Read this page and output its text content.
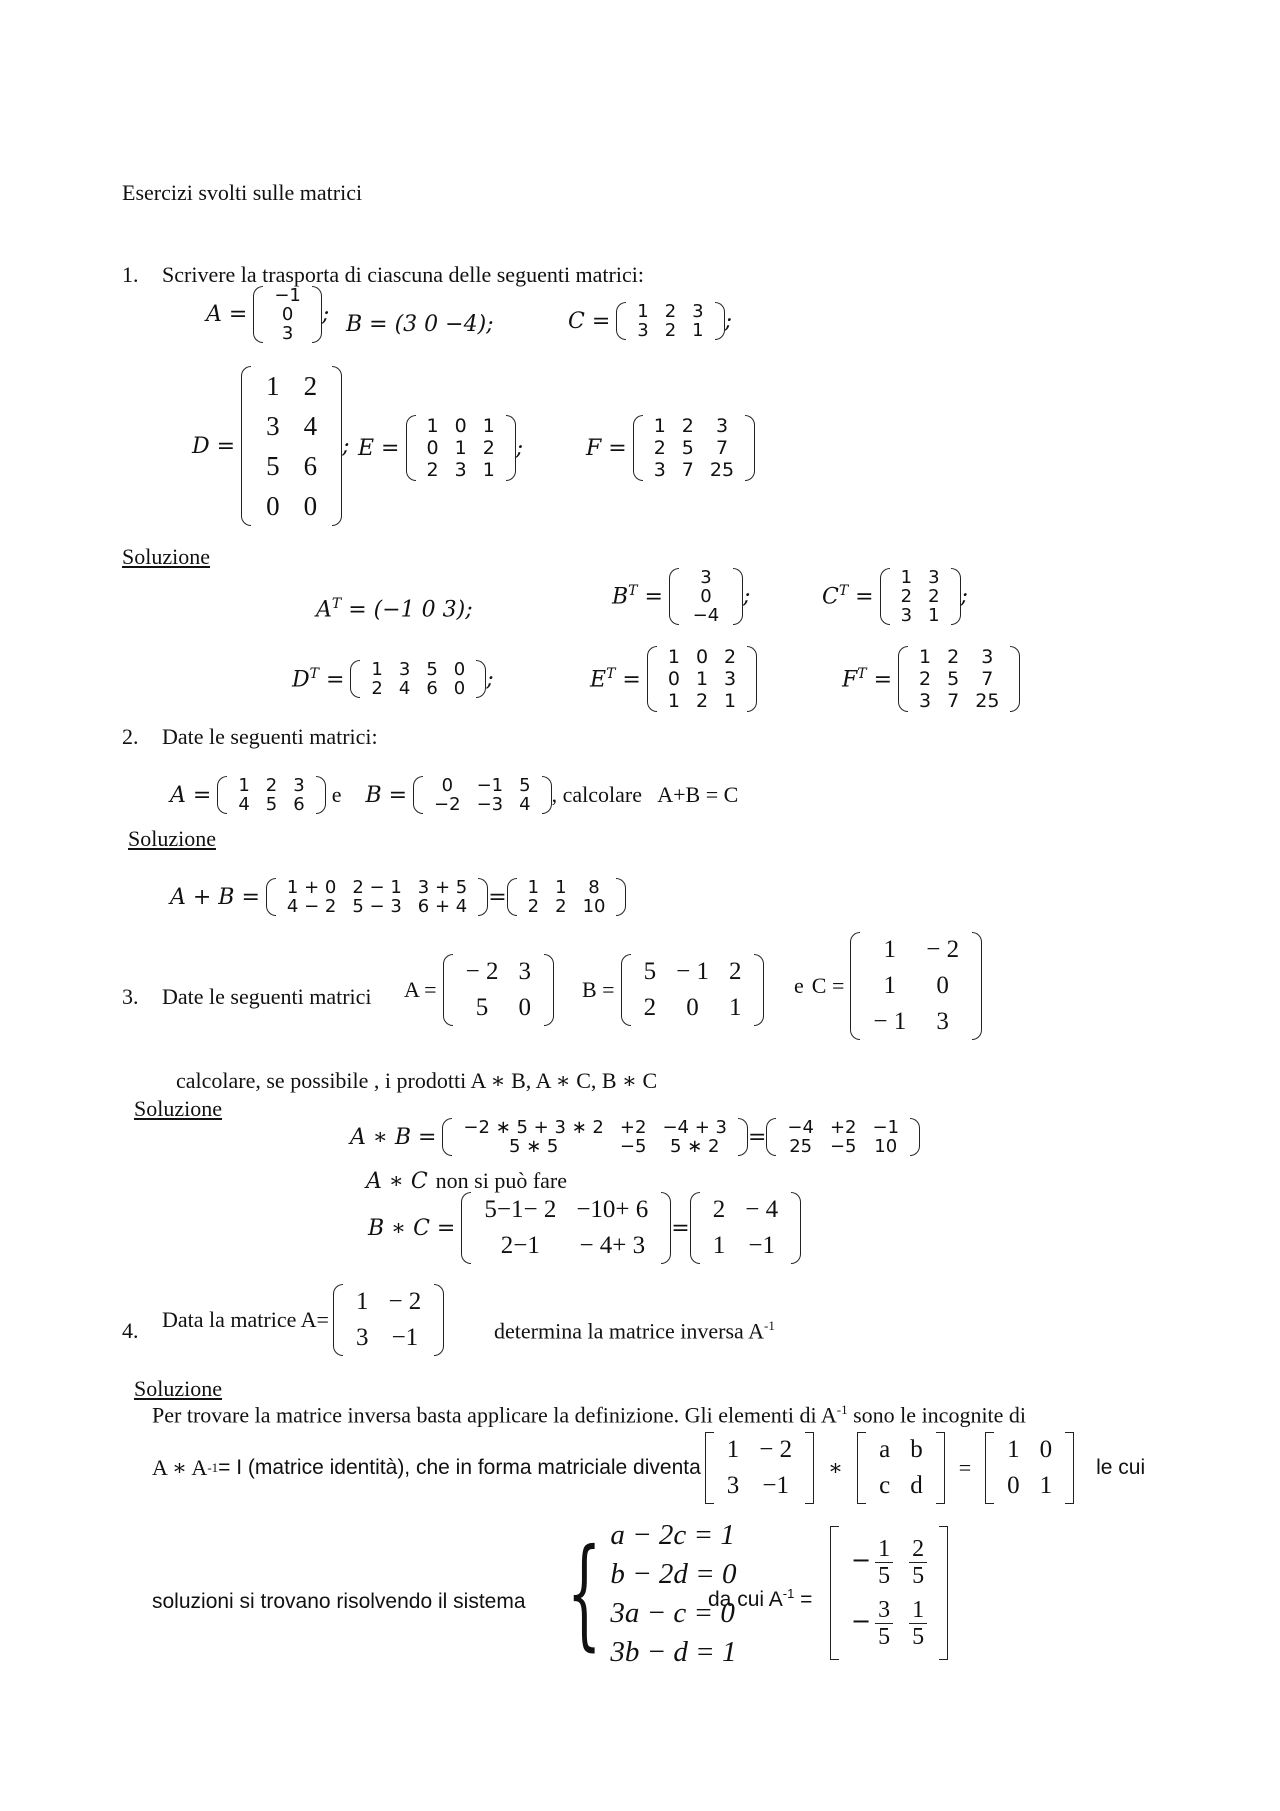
Esercizi svolti sulle matrici
1. Scrivere la trasporta di ciascuna delle seguenti matrici:
A =
−1
0
3
; B = (3 0 −4);	C = 1	2	3
3	2	1 ;
D =
1	2
3	4
5	6
0	0
; E =
1	0	1
0	1	2
2	3	1
;	F =
1	2	3
2	5	7
3	7	25
Soluzione
$A^T = (-1$ 0 3);
$B^T$ =
3
0
−4
;	$C^T$ =
1	3
2	2
3	1
;
$D^T = 1$	3	5	0
2	4	6	0 ;	$E^T$ =
1	0	2
0	1	3
1	2	1
$F^T$ =
1	2	3
2	5	7
3	7	25
2. Date le seguenti matrici:
A = 1	2	3
4	5	6 e B = 0	−1	5
−2	−3	4 , calcolare   A+B = C
Soluzione
A + B = 1 + 0	2 − 1	3 + 5
4 − 2	5 − 3	6 + 4 = 1	1	8
2	2	10
3. Date le seguenti matrici A =
− 2	3
5	0
B =
5	− 1	2
2	0	1
e C =
1	− 2
1	0
− 1	3
calcolare, se possibile , i prodotti A ∗ B, A ∗ C, B ∗ C
Soluzione
A ∗ B = −2 ∗ 5 + 3 ∗ 2	+2	−4 + 3
5 ∗ 5	−5	5 ∗ 2 = −4	+2	−1
25	−5	10
A ∗ C non si può fare
B ∗ C =
5−1− 2	−10+ 6
2−1	− 4+ 3
=
2	− 4
1	−1
4. Data la matrice A=
1	− 2
3	−1	determina la matrice inversa $A^{-1}$
Soluzione
Per trovare la matrice inversa basta applicare la definizione. Gli elementi di $A^{-1}$ sono le incognite di
A ∗ A -1 = I (matrice identità), che in forma matriciale diventa
1	− 2
3	−1
∗
a	b
c	d
=
1	0
0	1
le cui
soluzioni si trovano risolvendo il sistema { a − 2c = 1
b − 2d = 0
3a − c = 0
3b − d = 1
da cui $A^{-1}$ =
− $\frac{1}{5}$	$\frac{2}{5}$

− $\frac{3}{5}$	$\frac{1}{5}$
